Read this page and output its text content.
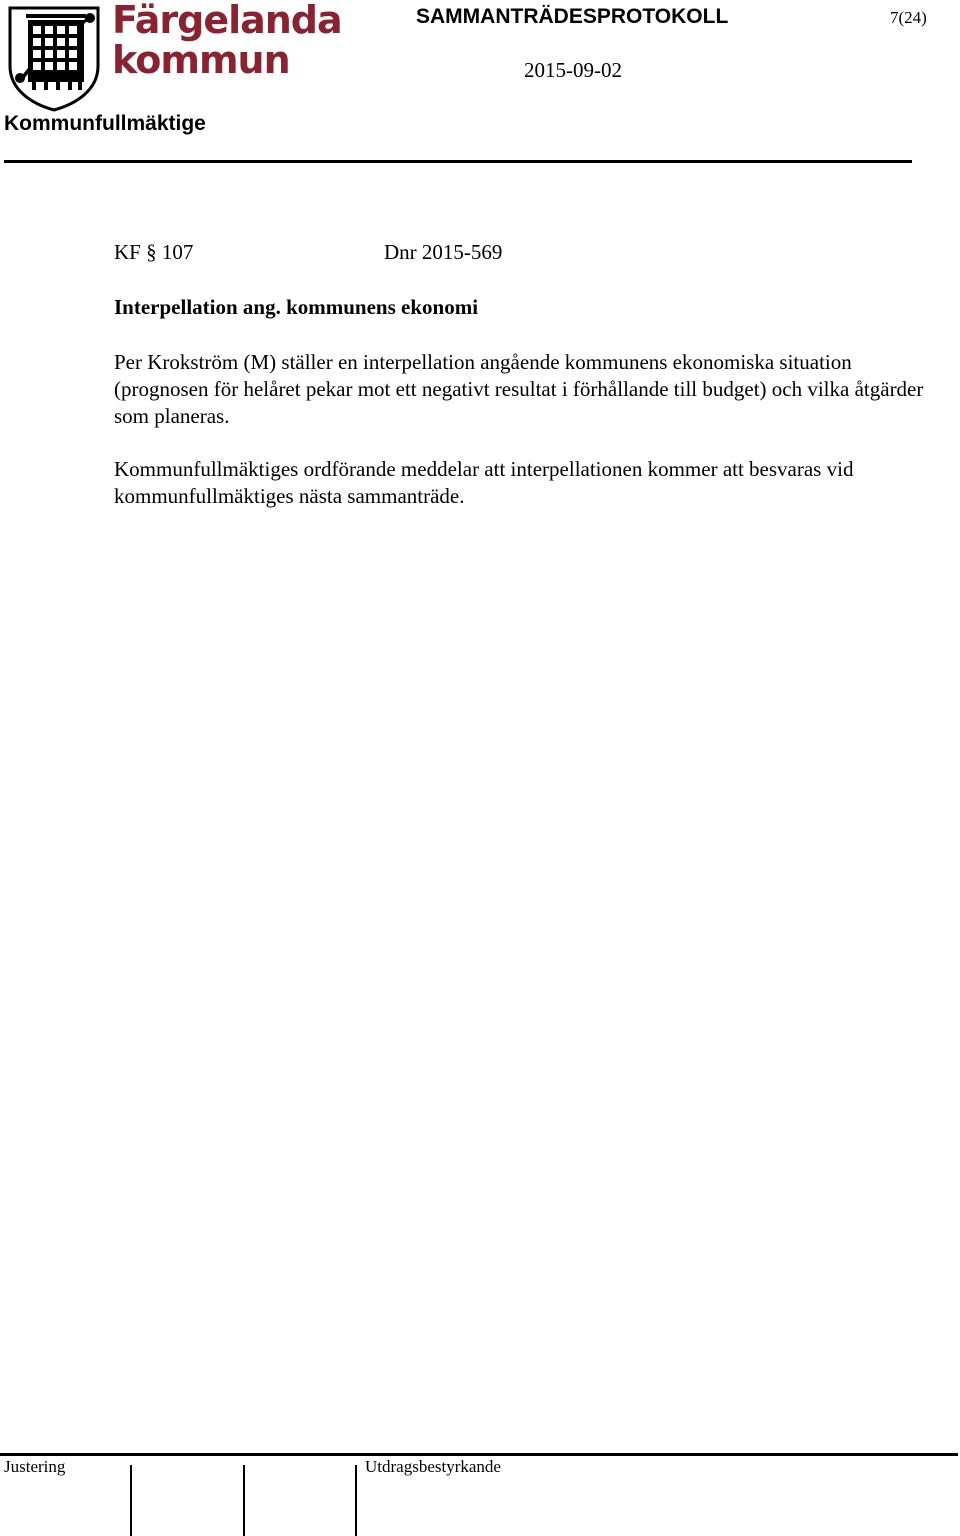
Färgelanda
kommun
SAMMANTRÄDESPROTOKOLL	7(24)
2015-09-02
Kommunfullmäktige
KF § 107	Dnr 2015-569
Interpellation ang. kommunens ekonomi

Per Krokström (M) ställer en interpellation angående kommunens ekonomiska situation (prognosen för helåret pekar mot ett negativt resultat i förhållande till budget) och vilka åtgärder som planeras.

Kommunfullmäktiges ordförande meddelar att interpellationen kommer att besvaras vid kommunfullmäktiges nästa sammanträde.

Justering	Utdragsbestyrkande
